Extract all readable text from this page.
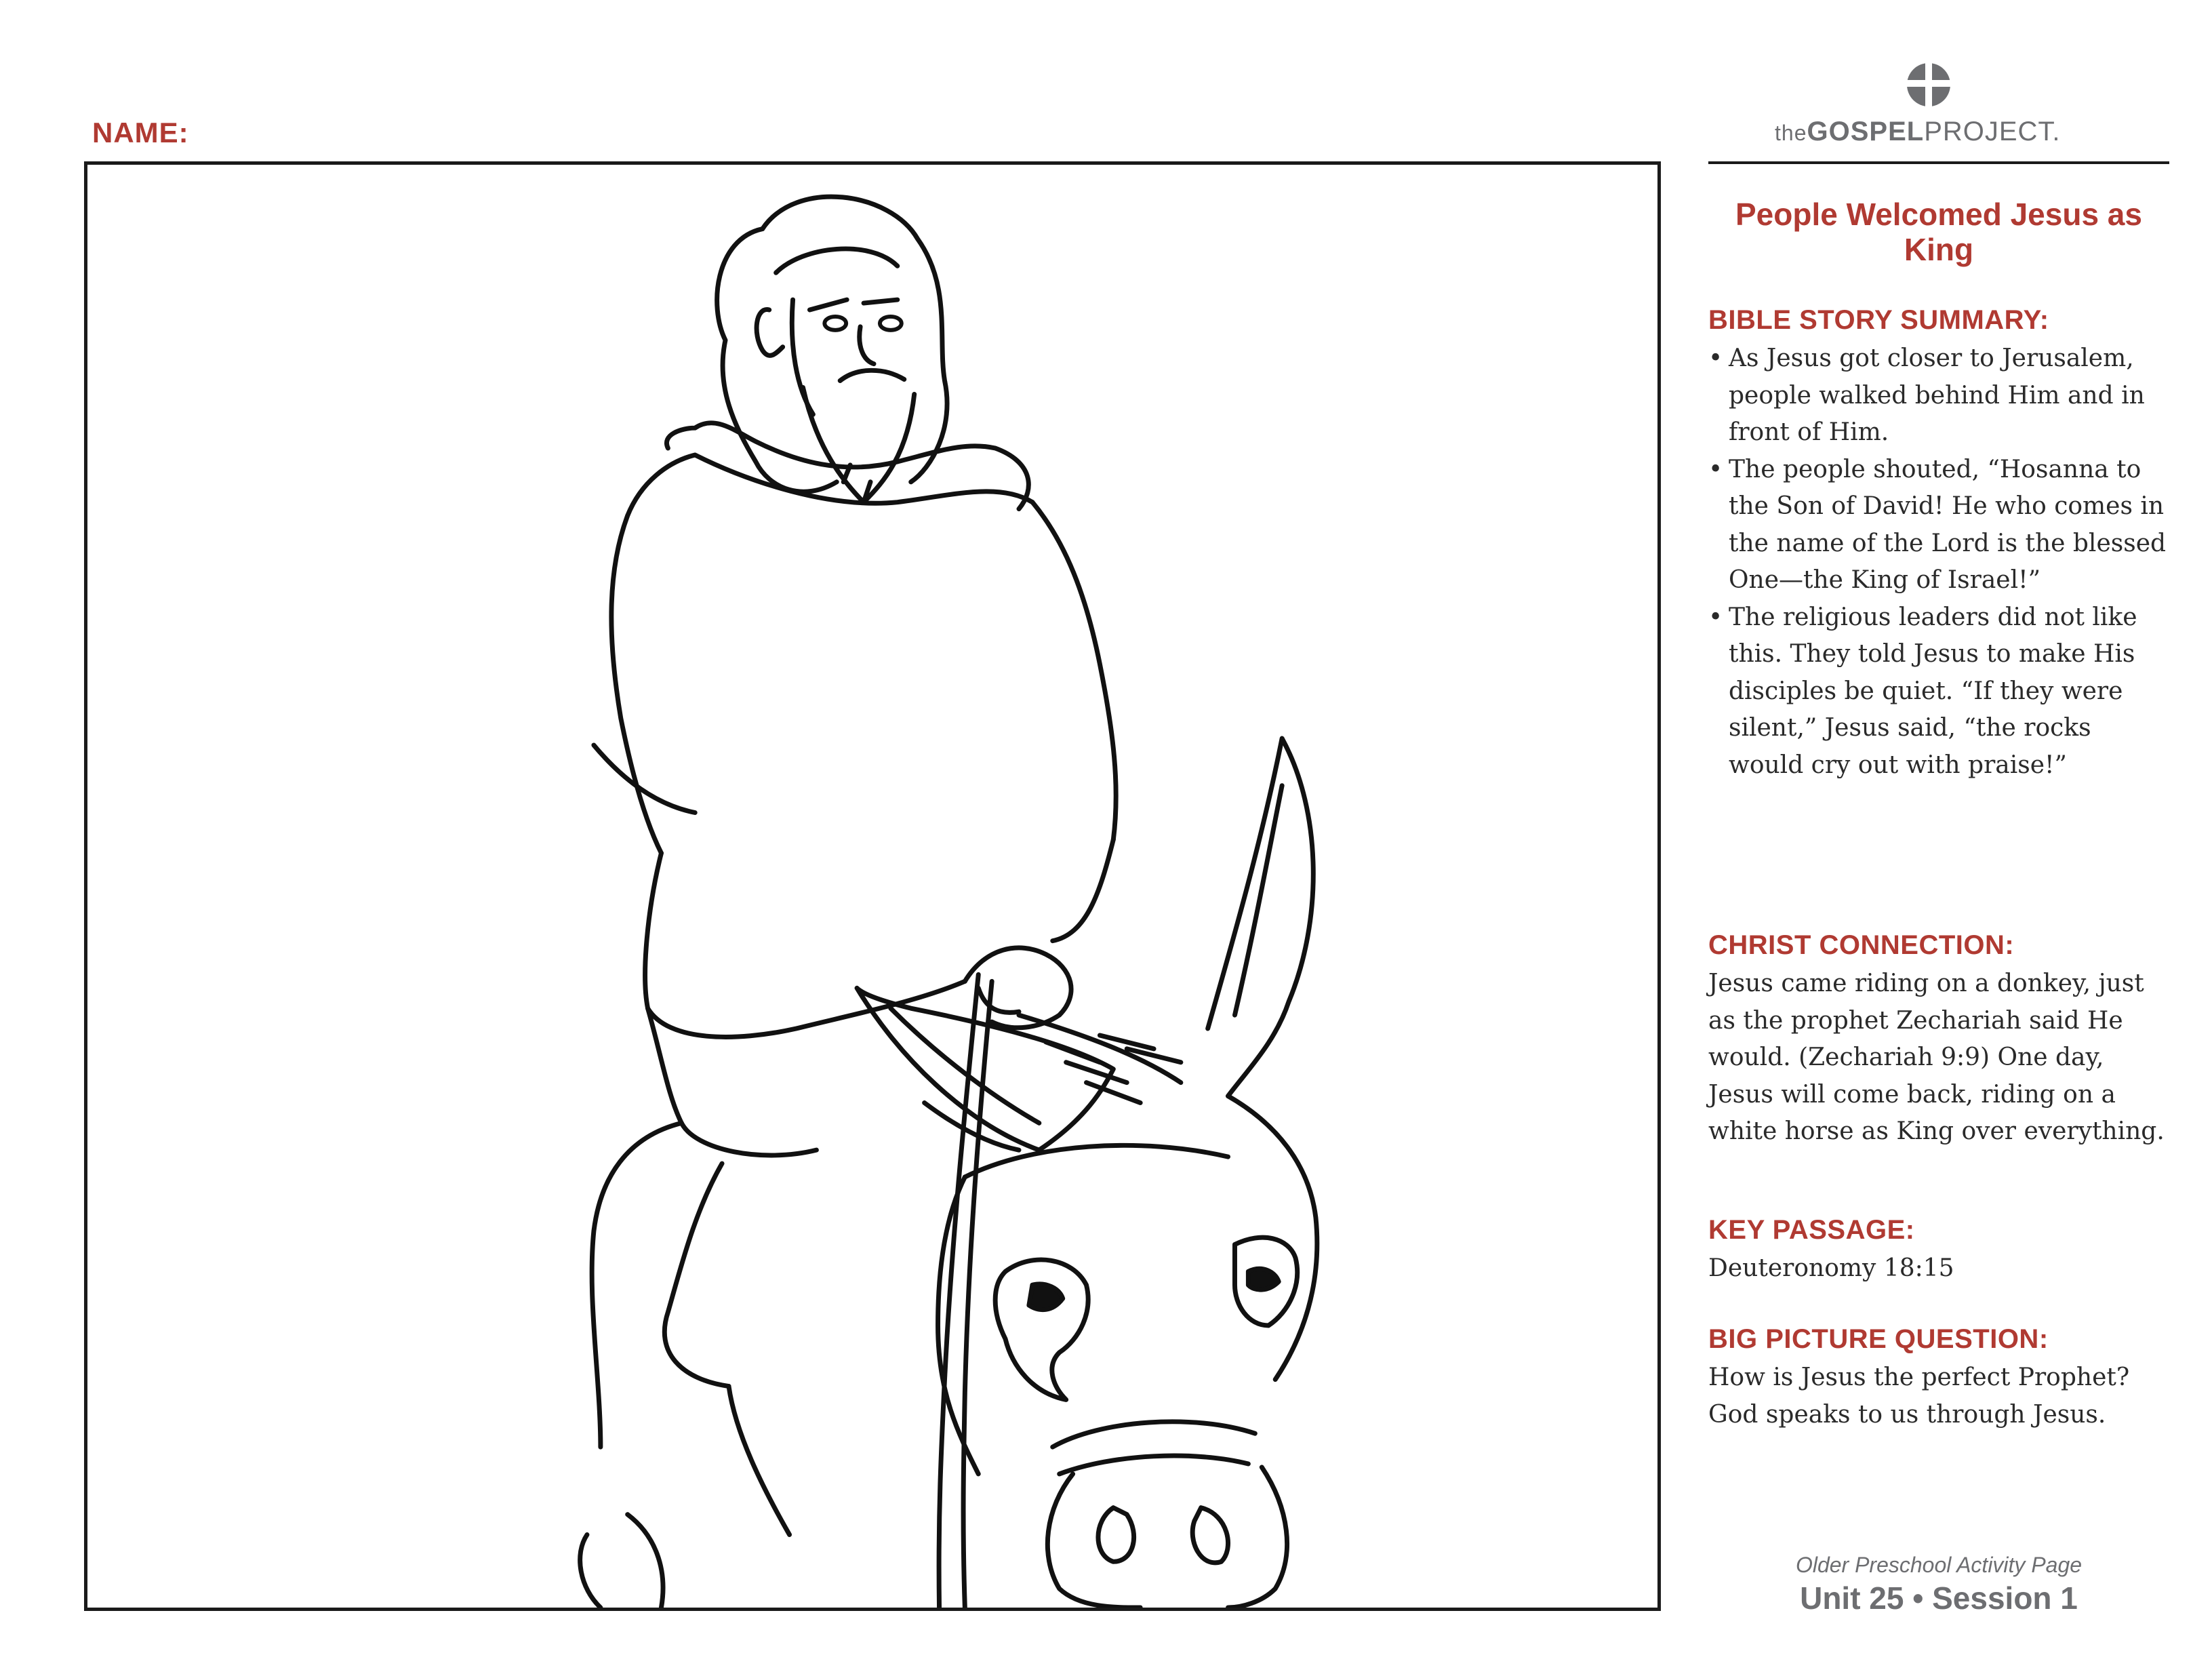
NAME:	theGOSPELPROJECT.
People Welcomed Jesus as King
BIBLE STORY SUMMARY:
• As Jesus got closer to Jerusalem, people walked behind Him and in front of Him.
• The people shouted, “Hosanna to the Son of David! He who comes in the name of the Lord is the blessed One—the King of Israel!”
• The religious leaders did not like this. They told Jesus to make His disciples be quiet. “If they were silent,” Jesus said, “the rocks would cry out with praise!”
CHRIST CONNECTION:
Jesus came riding on a donkey, just as the prophet Zechariah said He would. (Zechariah 9:9) One day, Jesus will come back, riding on a white horse as King over everything.
KEY PASSAGE:
Deuteronomy 18:15
BIG PICTURE QUESTION:
How is Jesus the perfect Prophet? God speaks to us through Jesus.
Older Preschool Activity Page
Unit 25 • Session 1
